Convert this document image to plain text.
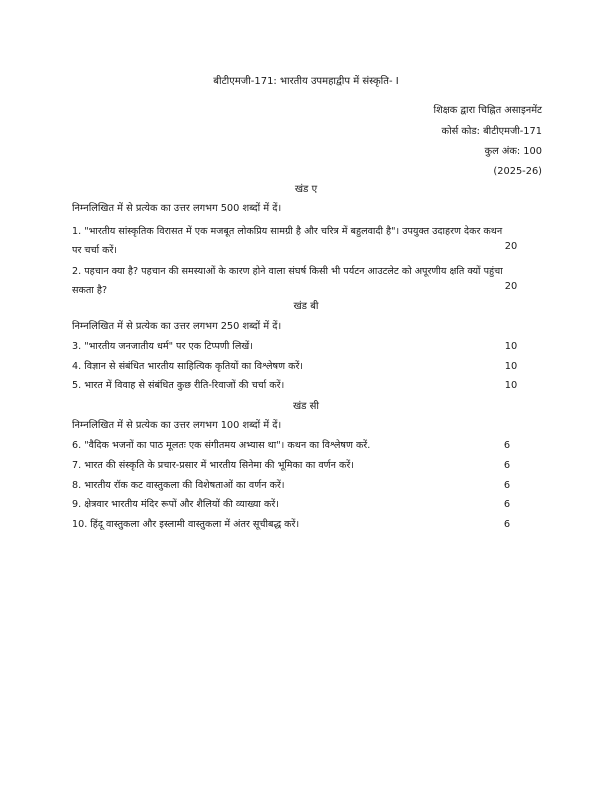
बीटीएमजी-171: भारतीय उपमहाद्वीप में संस्कृति- I
शिक्षक द्वारा चिह्नित असाइनमेंट
कोर्स कोड: बीटीएमजी-171
कुल अंक: 100
(2025-26)
खंड ए
निम्नलिखित में से प्रत्येक का उत्तर लगभग 500 शब्दों में दें।
1. "भारतीय सांस्कृतिक विरासत में एक मजबूत लोकप्रिय सामग्री है और चरित्र में बहुलवादी है"। उपयुक्त उदाहरण देकर कथन पर चर्चा करें।	20
2. पहचान क्या है? पहचान की समस्याओं के कारण होने वाला संघर्ष किसी भी पर्यटन आउटलेट को अपूरणीय क्षति क्यों पहुंचा सकता है?	20
खंड बी
निम्नलिखित में से प्रत्येक का उत्तर लगभग 250 शब्दों में दें।
3. "भारतीय जनजातीय धर्म" पर एक टिप्पणी लिखें।	10
4. विज्ञान से संबंधित भारतीय साहित्यिक कृतियों का विश्लेषण करें।	10
5. भारत में विवाह से संबंधित कुछ रीति-रिवाजों की चर्चा करें।	10
खंड सी
निम्नलिखित में से प्रत्येक का उत्तर लगभग 100 शब्दों में दें।
6. "वैदिक भजनों का पाठ मूलतः एक संगीतमय अभ्यास था"। कथन का विश्लेषण करें.	6
7. भारत की संस्कृति के प्रचार-प्रसार में भारतीय सिनेमा की भूमिका का वर्णन करें।	6
8. भारतीय रॉक कट वास्तुकला की विशेषताओं का वर्णन करें।	6
9. क्षेत्रवार भारतीय मंदिर रूपों और शैलियों की व्याख्या करें।	6
10. हिंदू वास्तुकला और इस्लामी वास्तुकला में अंतर सूचीबद्ध करें।	6
